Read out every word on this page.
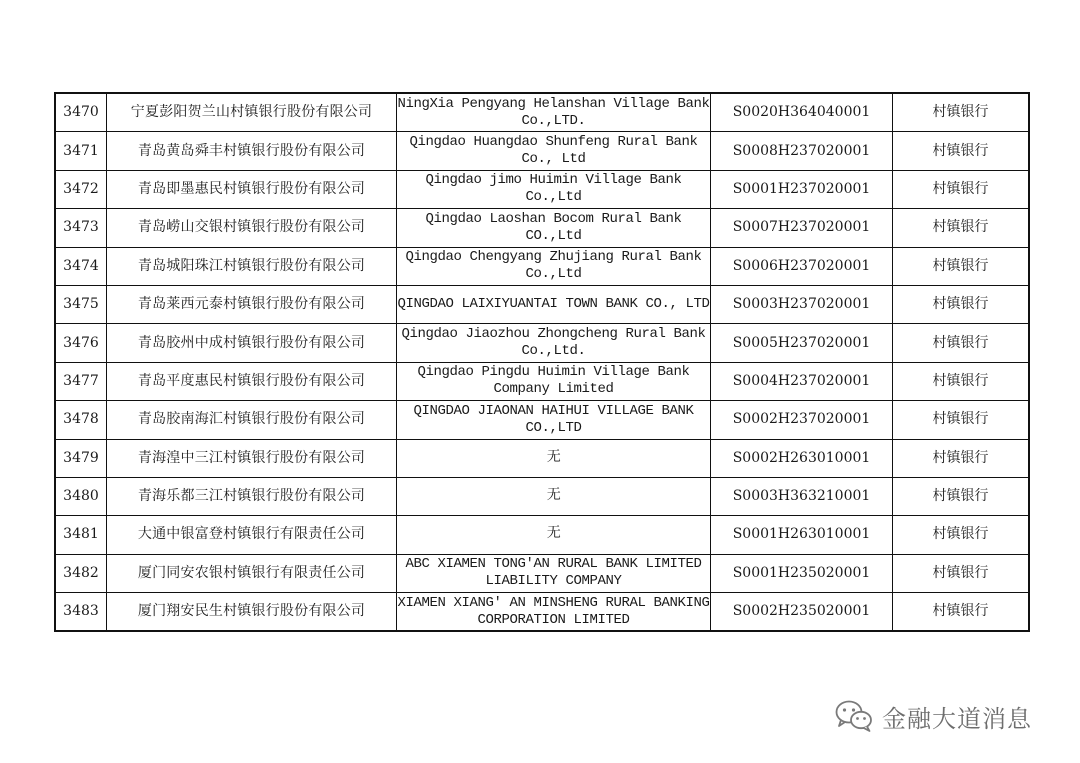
3470	宁夏彭阳贺兰山村镇银行股份有限公司	NingXia Pengyang Helanshan Village Bank
Co.,LTD.	S0020H364040001	村镇银行
3471	青岛黄岛舜丰村镇银行股份有限公司	Qingdao Huangdao Shunfeng Rural Bank
Co., Ltd	S0008H237020001	村镇银行
3472	青岛即墨惠民村镇银行股份有限公司	Qingdao jimo Huimin Village Bank
Co.,Ltd	S0001H237020001	村镇银行
3473	青岛崂山交银村镇银行股份有限公司	Qingdao Laoshan Bocom Rural Bank CO.,Ltd	S0007H237020001	村镇银行
3474	青岛城阳珠江村镇银行股份有限公司	Qingdao Chengyang Zhujiang Rural Bank
Co.,Ltd	S0006H237020001	村镇银行
3475	青岛莱西元泰村镇银行股份有限公司	QINGDAO LAIXIYUANTAI TOWN BANK CO., LTD	S0003H237020001	村镇银行
3476	青岛胶州中成村镇银行股份有限公司	Qingdao Jiaozhou Zhongcheng Rural Bank
Co.,Ltd.	S0005H237020001	村镇银行
3477	青岛平度惠民村镇银行股份有限公司	Qingdao Pingdu Huimin Village Bank
Company Limited	S0004H237020001	村镇银行
3478	青岛胶南海汇村镇银行股份有限公司	QINGDAO JIAONAN HAIHUI VILLAGE BANK
CO.,LTD	S0002H237020001	村镇银行
3479	青海湟中三江村镇银行股份有限公司	无	S0002H263010001	村镇银行
3480	青海乐都三江村镇银行股份有限公司	无	S0003H363210001	村镇银行
3481	大通中银富登村镇银行有限责任公司	无	S0001H263010001	村镇银行
3482	厦门同安农银村镇银行有限责任公司	ABC XIAMEN TONG'AN RURAL BANK LIMITED
LIABILITY COMPANY	S0001H235020001	村镇银行
3483	厦门翔安民生村镇银行股份有限公司	XIAMEN XIANG' AN MINSHENG RURAL BANKING
CORPORATION LIMITED	S0002H235020001	村镇银行
金融大道消息
